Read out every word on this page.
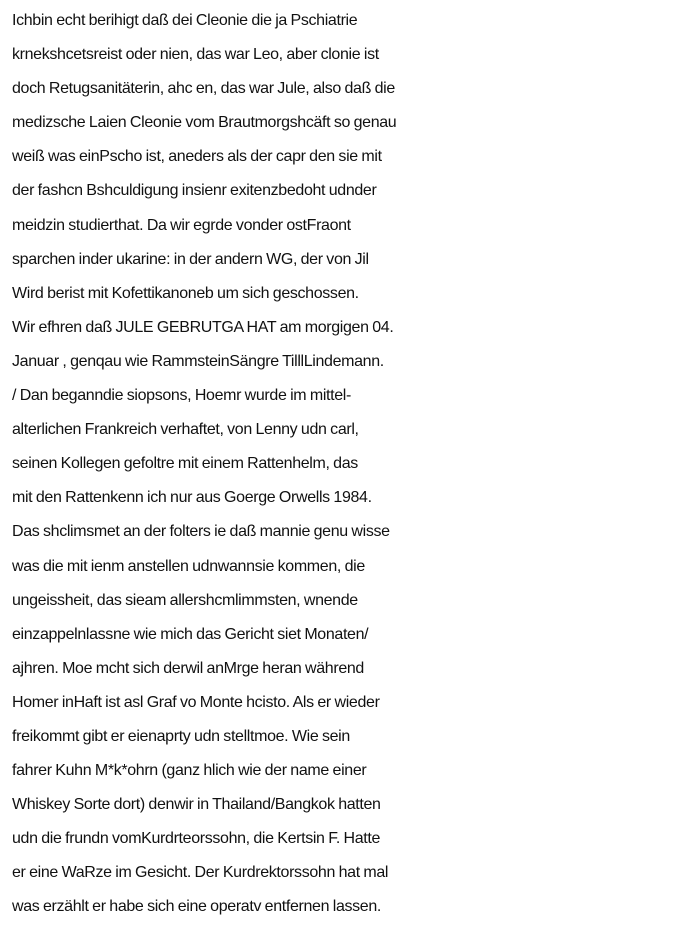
Ichbin echt berihigt daß dei Cleonie die ja Pschiatrie
krnekshcetsreist oder nien, das war Leo, aber clonie ist
doch Retugsanitäterin, ahc en, das war Jule, also daß die
medizsche Laien Cleonie vom Brautmorgshcäft so genau
weiß was einPscho ist, aneders als der capr den sie mit
der fashcn Bshculdigung insienr exitenzbedoht udnder
meidzin studierthat. Da wir egrde vonder ostFraont
sparchen inder ukarine: in der andern WG, der von Jil
Wird berist mit Kofettikanoneb um sich geschossen.
Wir efhren daß JULE GEBRUTGA HAT am morgigen 04.
Januar , genqau wie RammsteinSängre TilllLindemann.
/ Dan beganndie siopsons, Hoemr wurde im mittel-
alterlichen Frankreich verhaftet, von Lenny udn carl,
seinen Kollegen gefoltre mit einem Rattenhelm, das
mit den Rattenkenn ich nur aus Goerge Orwells 1984.
Das shclimsmet an der folters ie daß mannie genu wisse
was die mit ienm anstellen udnwannsie kommen, die
ungeissheit, das sieam allershcmlimmsten, wnende
einzappelnlassne wie mich das Gericht siet Monaten/
ajhren. Moe mcht sich derwil anMrge heran während
Homer inHaft ist asl Graf vo Monte hcisto. Als er wieder
freikommt gibt er eienaprty udn stelltmoe. Wie sein
fahrer Kuhn M*k*ohrn (ganz hlich wie der name einer
Whiskey Sorte dort) denwir in Thailand/Bangkok hatten
udn die frundn vomKurdrteorssohn, die Kertsin F. Hatte
er eine WaRze im Gesicht. Der Kurdrektorssohn hat mal
was erzählt er habe sich eine operatv entfernen lassen.
